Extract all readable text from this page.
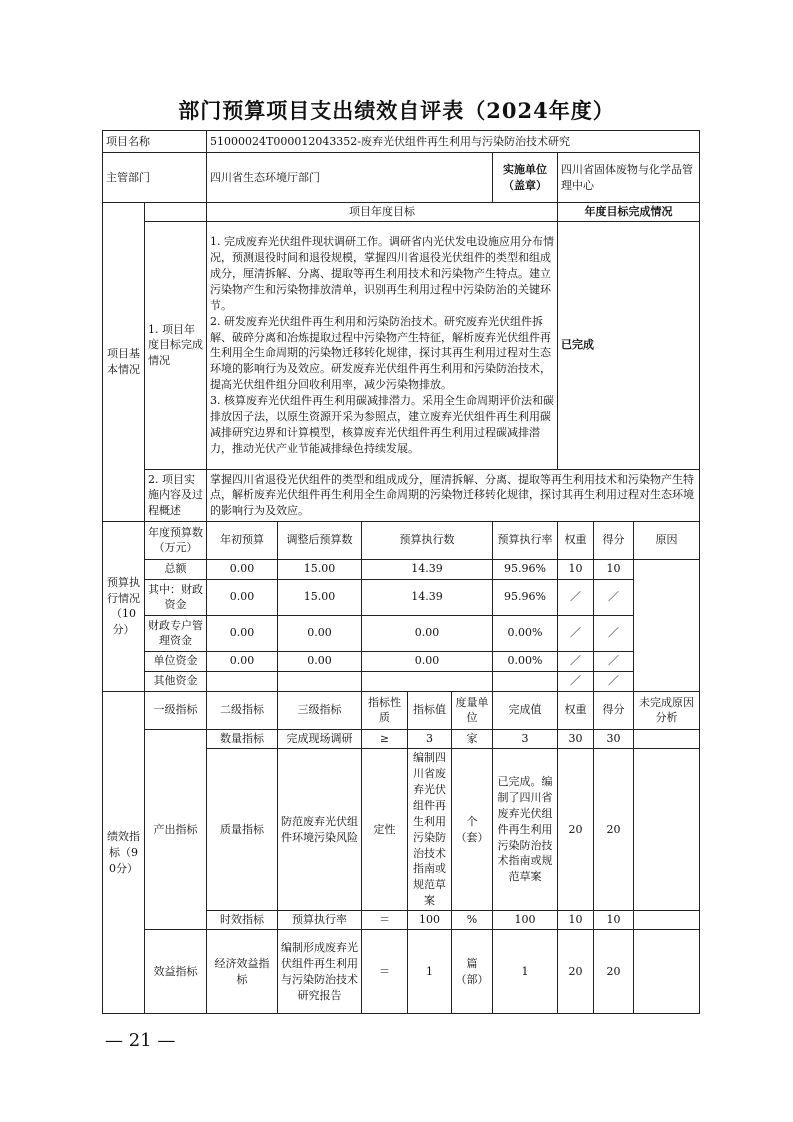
部门预算项目支出绩效自评表（2024年度）
项目名称		51000024T000012043352-废弃光伏组件再生利用与污染防治技术研究								
主管部门		四川省生态环境厅部门					实施单位（盖章）	四川省固体废物与化学品管理中心		
项目基本情况		项目年度目标						年度目标完成情况		

	1. 项目年度目标完成情况	1. 完成废弃光伏组件现状调研工作。调研省内光伏发电设施应用分布情况，预测退役时间和退役规模，掌握四川省退役光伏组件的类型和组成成分，厘清拆解、分离、提取等再生利用技术和污染物产生特点。建立污染物产生和污染物排放清单，识别再生利用过程中污染防治的关键环节。

2. 研发废弃光伏组件再生利用和污染防治技术。研究废弃光伏组件拆解、破碎分离和冶炼提取过程中污染物产生特征，解析废弃光伏组件再生利用全生命周期的污染物迁移转化规律，探讨其再生利用过程对生态环境的影响行为及效应。研发废弃光伏组件再生利用和污染防治技术，提高光伏组件组分回收利用率，减少污染物排放。

3. 核算废弃光伏组件再生利用碳减排潜力。采用全生命周期评价法和碳排放因子法，以原生资源开采为参照点，建立废弃光伏组件再生利用碳减排研究边界和计算模型，核算废弃光伏组件再生利用过程碳减排潜力，推动光伏产业节能减排绿色持续发展。						已完成		
	2. 项目实施内容及过程概述	掌握四川省退役光伏组件的类型和组成成分，厘清拆解、分离、提取等再生利用技术和污染物产生特点，解析废弃光伏组件再生利用全生命周期的污染物迁移转化规律，探讨其再生利用过程对生态环境的影响行为及效应。								
预算执行情况（10分）	年度预算数（万元）	年初预算	调整后预算数	预算执行数			预算执行率	权重	得分	原因
	总额	0.00	15.00	14.39			95.96%	10	10	
	其中：财政资金	0.00	15.00	14.39			95.96%	／	／	
	财政专户管理资金	0.00	0.00	0.00			0.00%	／	／	
	单位资金	0.00	0.00	0.00			0.00%	／	／	
	其他资金							／	／	
绩效指标（90分）	一级指标	二级指标	三级指标	指标性质	指标值	度量单位	完成值	权重	得分	未完成原因分析
	产出指标	数量指标	完成现场调研	≥	3	家	3	30	30	
		质量指标	防范废弃光伏组件环境污染风险	定性	编制四川省废弃光伏组件再生利用污染防治技术指南或规范草案	个（套）	已完成。编制了四川省废弃光伏组件再生利用污染防治技术指南或规范草案	20	20	
		时效指标	预算执行率	＝	100	%	100	10	10	
	效益指标	经济效益指标	编制形成废弃光伏组件再生利用与污染防治技术研究报告	＝	1	篇（部）	1	20	20	
— 21 —
